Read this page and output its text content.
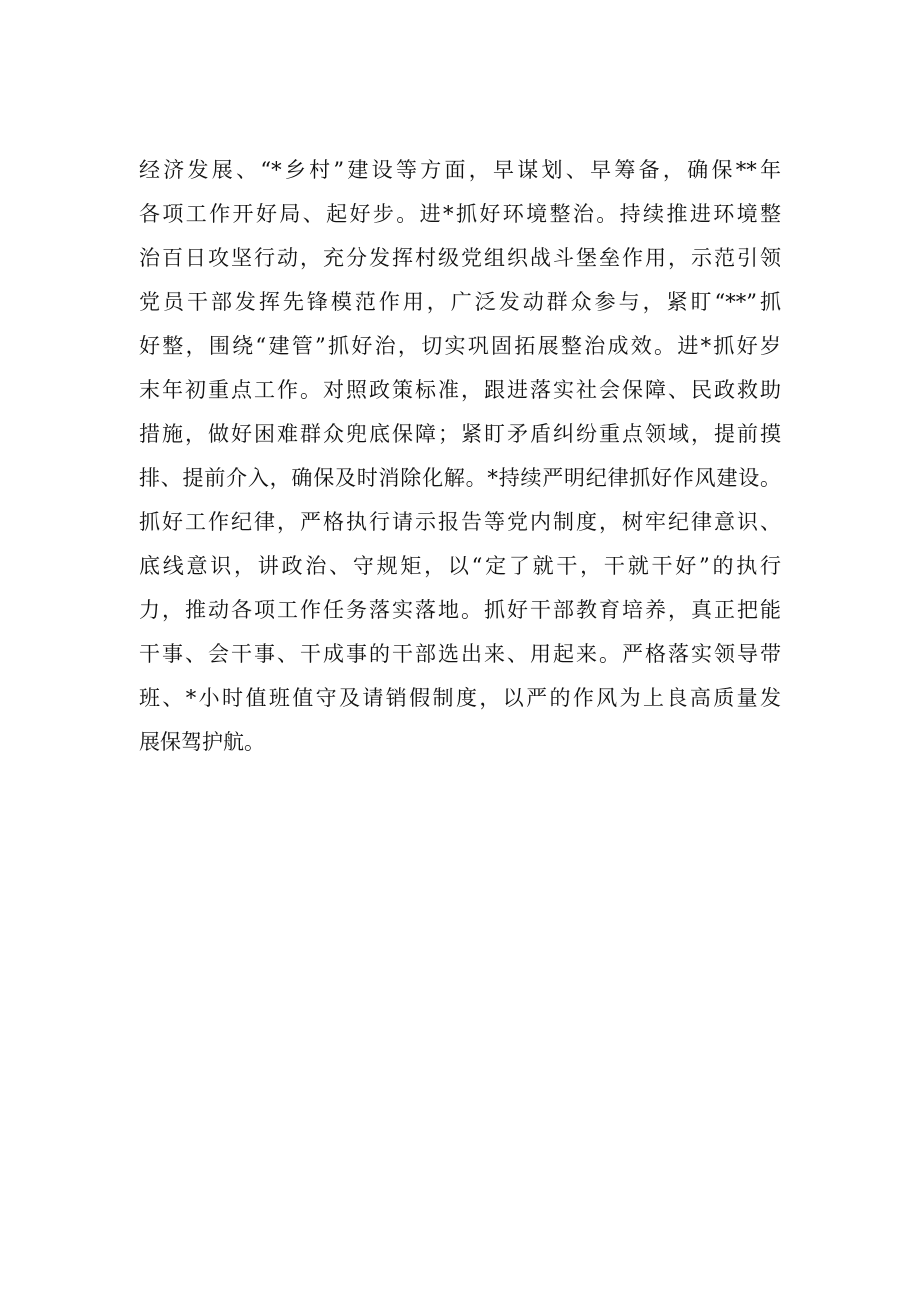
经济发展、“*乡村”建设等方面，早谋划、早筹备，确保**年
各项工作开好局、起好步。进*抓好环境整治。持续推进环境整
治百日攻坚行动，充分发挥村级党组织战斗堡垒作用，示范引领
党员干部发挥先锋模范作用，广泛发动群众参与，紧盯“**”抓
好整，围绕“建管”抓好治，切实巩固拓展整治成效。进*抓好岁
末年初重点工作。对照政策标准，跟进落实社会保障、民政救助
措施，做好困难群众兜底保障；紧盯矛盾纠纷重点领域，提前摸
排、提前介入，确保及时消除化解。*持续严明纪律抓好作风建设。
抓好工作纪律，严格执行请示报告等党内制度，树牢纪律意识、
底线意识，讲政治、守规矩，以“定了就干，干就干好”的执行
力，推动各项工作任务落实落地。抓好干部教育培养，真正把能
干事、会干事、干成事的干部选出来、用起来。严格落实领导带
班、*小时值班值守及请销假制度，以严的作风为上良高质量发
展保驾护航。
